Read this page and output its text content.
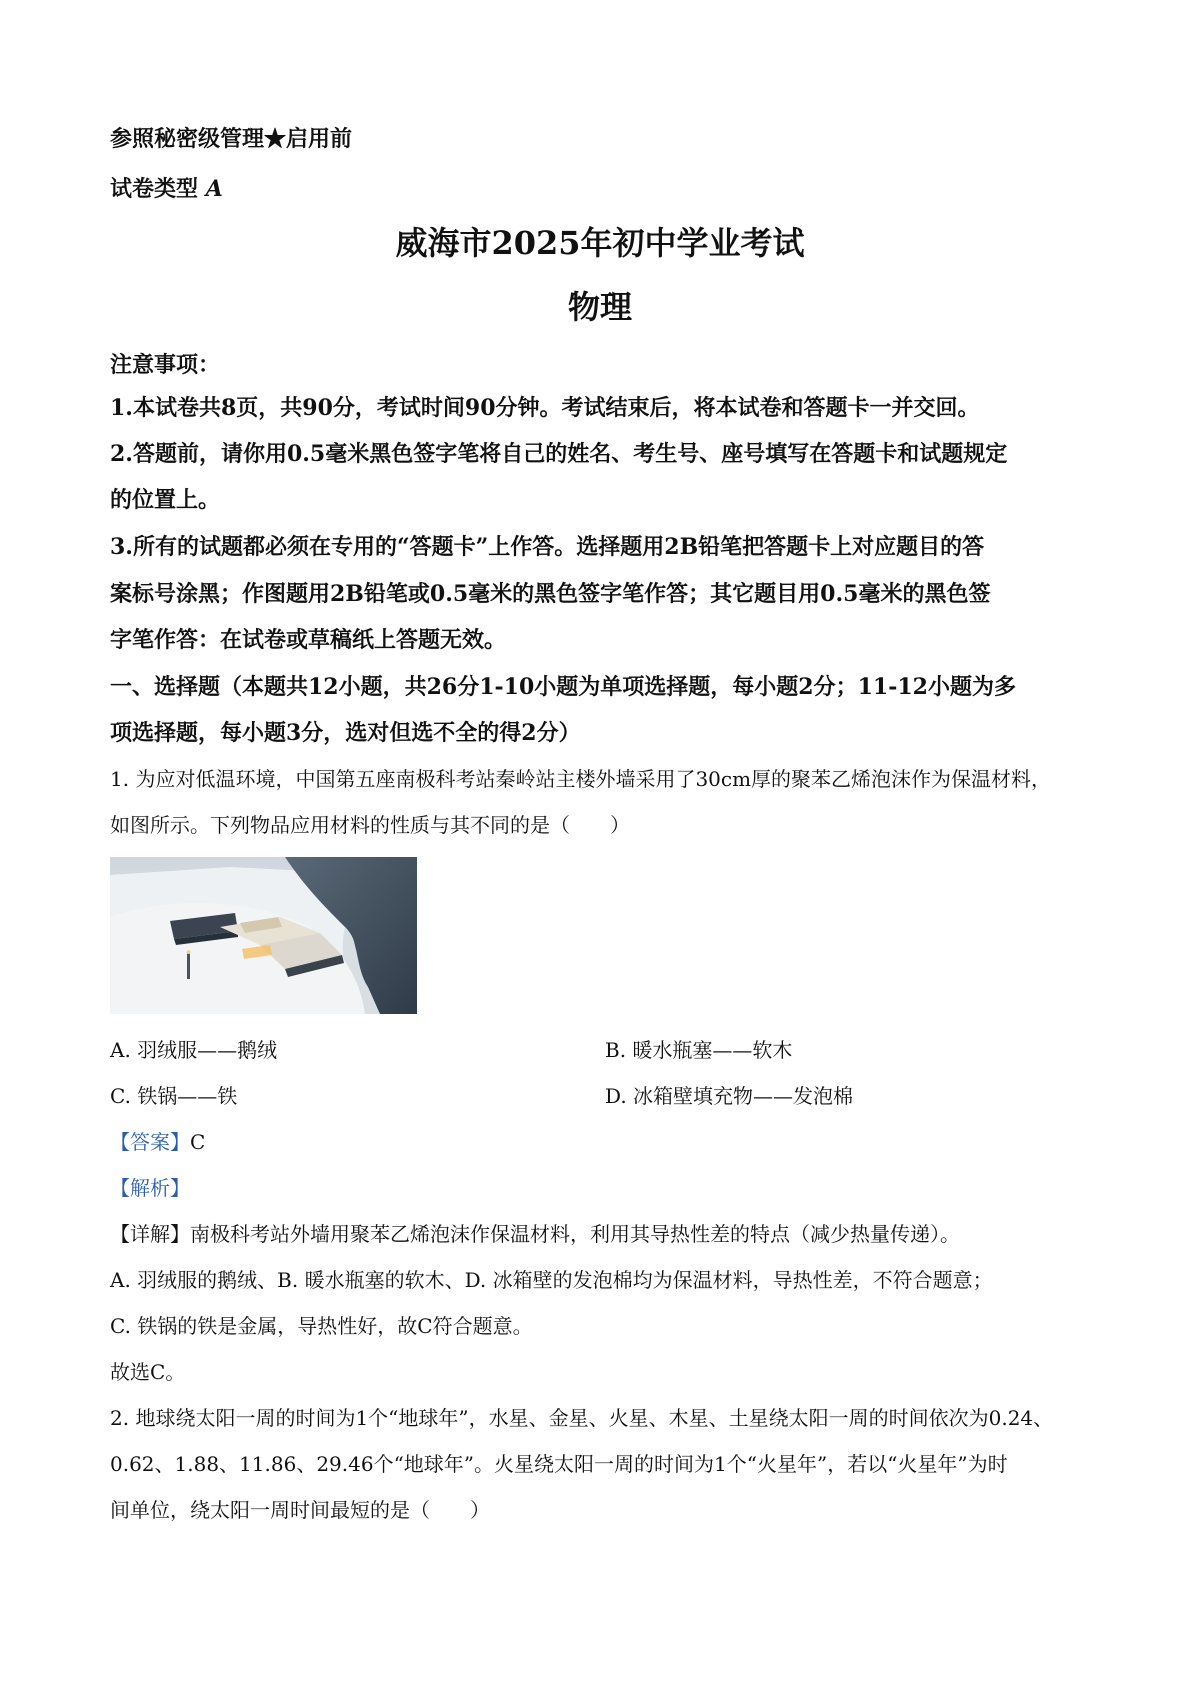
参照秘密级管理★启用前

试卷类型 A

威海市2025年初中学业考试

物理

注意事项：

1.本试卷共8页，共90分，考试时间90分钟。考试结束后，将本试卷和答题卡一并交回。

2.答题前，请你用0.5毫米黑色签字笔将自己的姓名、考生号、座号填写在答题卡和试题规定

的位置上。

3.所有的试题都必须在专用的“答题卡”上作答。选择题用2B铅笔把答题卡上对应题目的答

案标号涂黑；作图题用2B铅笔或0.5毫米的黑色签字笔作答；其它题目用0.5毫米的黑色签

字笔作答：在试卷或草稿纸上答题无效。

一、选择题（本题共12小题，共26分1-10小题为单项选择题，每小题2分；11-12小题为多

项选择题，每小题3分，选对但选不全的得2分）

1. 为应对低温环境，中国第五座南极科考站秦岭站主楼外墙采用了30cm厚的聚苯乙烯泡沫作为保温材料，

如图所示。下列物品应用材料的性质与其不同的是（　　）

A. 羽绒服——鹅绒	B. 暖水瓶塞——软木

C. 铁锅——铁	D. 冰箱壁填充物——发泡棉

【答案】C

【解析】

【详解】南极科考站外墙用聚苯乙烯泡沫作保温材料，利用其导热性差的特点（减少热量传递）。

A. 羽绒服的鹅绒、B. 暖水瓶塞的软木、D. 冰箱壁的发泡棉均为保温材料，导热性差，不符合题意；

C. 铁锅的铁是金属，导热性好，故C符合题意。

故选C。

2. 地球绕太阳一周的时间为1个“地球年”，水星、金星、火星、木星、土星绕太阳一周的时间依次为0.24、

0.62、1.88、11.86、29.46个“地球年”。火星绕太阳一周的时间为1个“火星年”，若以“火星年”为时

间单位，绕太阳一周时间最短的是（　　）
